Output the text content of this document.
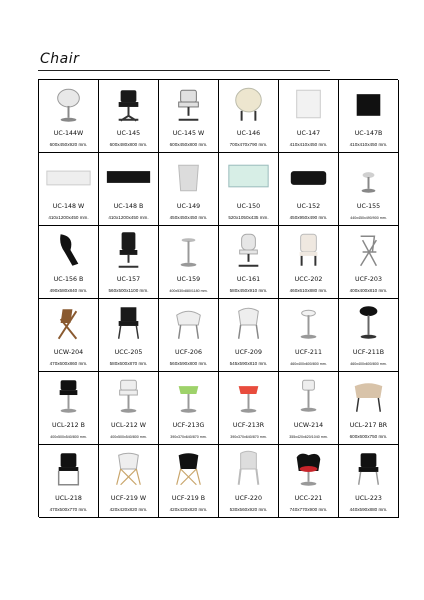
Chair
UC-144W
600x450x920 mm.
UC-145
600x480x800 mm.
UC-145 W
600x450x800 mm.
UC-146
700x470x790 mm.
UC-147
410x410x450 mm.
UC-147B
410x410x450 mm.
UC-148 W
410x1200x450 mm.
UC-148 B
410x1200x450 mm.
UC-149
450x450x450 mm.
UC-150
520x1050x435 mm.
UC-152
450x950x490 mm.
UC-155
440x450x490/900 mm.
UC-156 B
490x580x840 mm.
UC-157
560x500x1100 mm.
UC-159
400x530x880/1180 mm.
UC-161
580x450x910 mm.
UCC-202
460x610x880 mm.
UCF-203
400x400x810 mm.
UCW-204
470x600x860 mm.
UCC-205
580x600x870 mm.
UCF-206
560x590x800 mm.
UCF-209
545x590x810 mm.
UCF-211
460x400x600/800 mm.
UCF-211B
460x400x600/800 mm.
UCL-212 B
400x500x540/800 mm.
UCL-212 W
400x500x540/800 mm.
UCF-213G
390x370x640/870 mm.
UCF-213R
390x370x640/870 mm.
UCW-214
355x420x620/1040 mm.
UCL-217 BR
600x600x750 mm.
UCL-218
470x500x770 mm.
UCF-219 W
420x420x820 mm.
UCF-219 B
420x420x820 mm.
UCF-220
530x560x920 mm.
UCC-221
740x770x900 mm.
UCL-223
440x590x880 mm.
